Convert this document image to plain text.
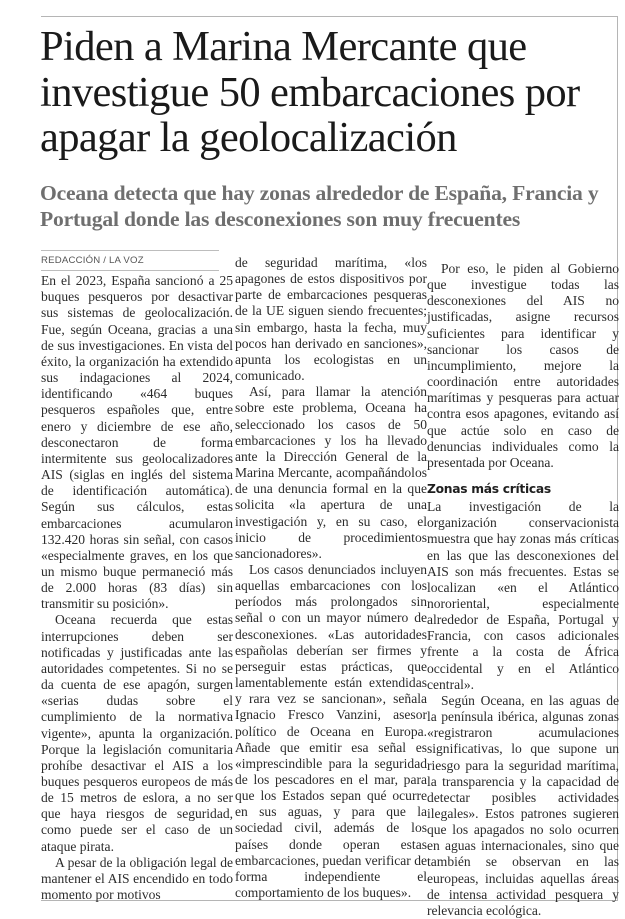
Piden a Marina Mercante que investigue 50 embarcaciones por apagar la geolocalización
Oceana detecta que hay zonas alrededor de España, Francia y Portugal donde las desconexiones son muy frecuentes
REDACCIÓN / LA VOZ

En el 2023, España sancionó a 25 buques pesqueros por desactivar sus sistemas de geolocalización. Fue, según Oceana, gracias a una de sus investigaciones. En vista del éxito, la organización ha extendido sus indagaciones al 2024, identificando «464 buques pesqueros españoles que, entre enero y diciembre de ese año, desconectaron de forma intermitente sus geolocalizadores AIS (siglas en inglés del sistema de identificación automática). Según sus cálculos, estas embarcaciones acumularon 132.420 horas sin señal, con casos «especialmente graves, en los que un mismo buque permaneció más de 2.000 horas (83 días) sin transmitir su posición».

Oceana recuerda que estas interrupciones deben ser notificadas y justificadas ante las autoridades competentes. Si no se da cuenta de ese apagón, surgen «serias dudas sobre el cumplimiento de la normativa vigente», apunta la organización. Porque la legislación comunitaria prohíbe desactivar el AIS a los buques pesqueros europeos de más de 15 metros de eslora, a no ser que haya riesgos de seguridad, como puede ser el caso de un ataque pirata.

A pesar de la obligación legal de mantener el AIS encendido en todo momento por motivos

de seguridad marítima, «los apagones de estos dispositivos por parte de embarcaciones pesqueras de la UE siguen siendo frecuentes; sin embargo, hasta la fecha, muy pocos han derivado en sanciones», apunta los ecologistas en un comunicado.

Así, para llamar la atención sobre este problema, Oceana ha seleccionado los casos de 50 embarcaciones y los ha llevado ante la Dirección General de la Marina Mercante, acompañándolos de una denuncia formal en la que solicita «la apertura de una investigación y, en su caso, el inicio de procedimientos sancionadores».

Los casos denunciados incluyen aquellas embarcaciones con los períodos más prolongados sin señal o con un mayor número de desconexiones. «Las autoridades españolas deberían ser firmes y perseguir estas prácticas, que lamentablemente están extendidas y rara vez se sancionan», señala Ignacio Fresco Vanzini, asesor político de Oceana en Europa. Añade que emitir esa señal es «imprescindible para la seguridad de los pescadores en el mar, para que los Estados sepan qué ocurre en sus aguas, y para que la sociedad civil, además de los países donde operan estas embarcaciones, puedan verificar de forma independiente el comportamiento de los buques».

Por eso, le piden al Gobierno que investigue todas las desconexiones del AIS no justificadas, asigne recursos suficientes para identificar y sancionar los casos de incumplimiento, mejore la coordinación entre autoridades marítimas y pesqueras para actuar contra esos apagones, evitando así que actúe solo en caso de denuncias individuales como la presentada por Oceana.

Zonas más críticas

La investigación de la organización conservacionista muestra que hay zonas más críticas en las que las desconexiones del AIS son más frecuentes. Estas se localizan «en el Atlántico nororiental, especialmente alrededor de España, Portugal y Francia, con casos adicionales frente a la costa de África occidental y en el Atlántico central».

Según Oceana, en las aguas de la península ibérica, algunas zonas «registraron acumulaciones significativas, lo que supone un riesgo para la seguridad marítima, la transparencia y la capacidad de detectar posibles actividades ilegales». Estos patrones sugieren que los apagados no solo ocurren en aguas internacionales, sino que también se observan en las europeas, incluidas aquellas áreas de intensa actividad pesquera y relevancia ecológica.
